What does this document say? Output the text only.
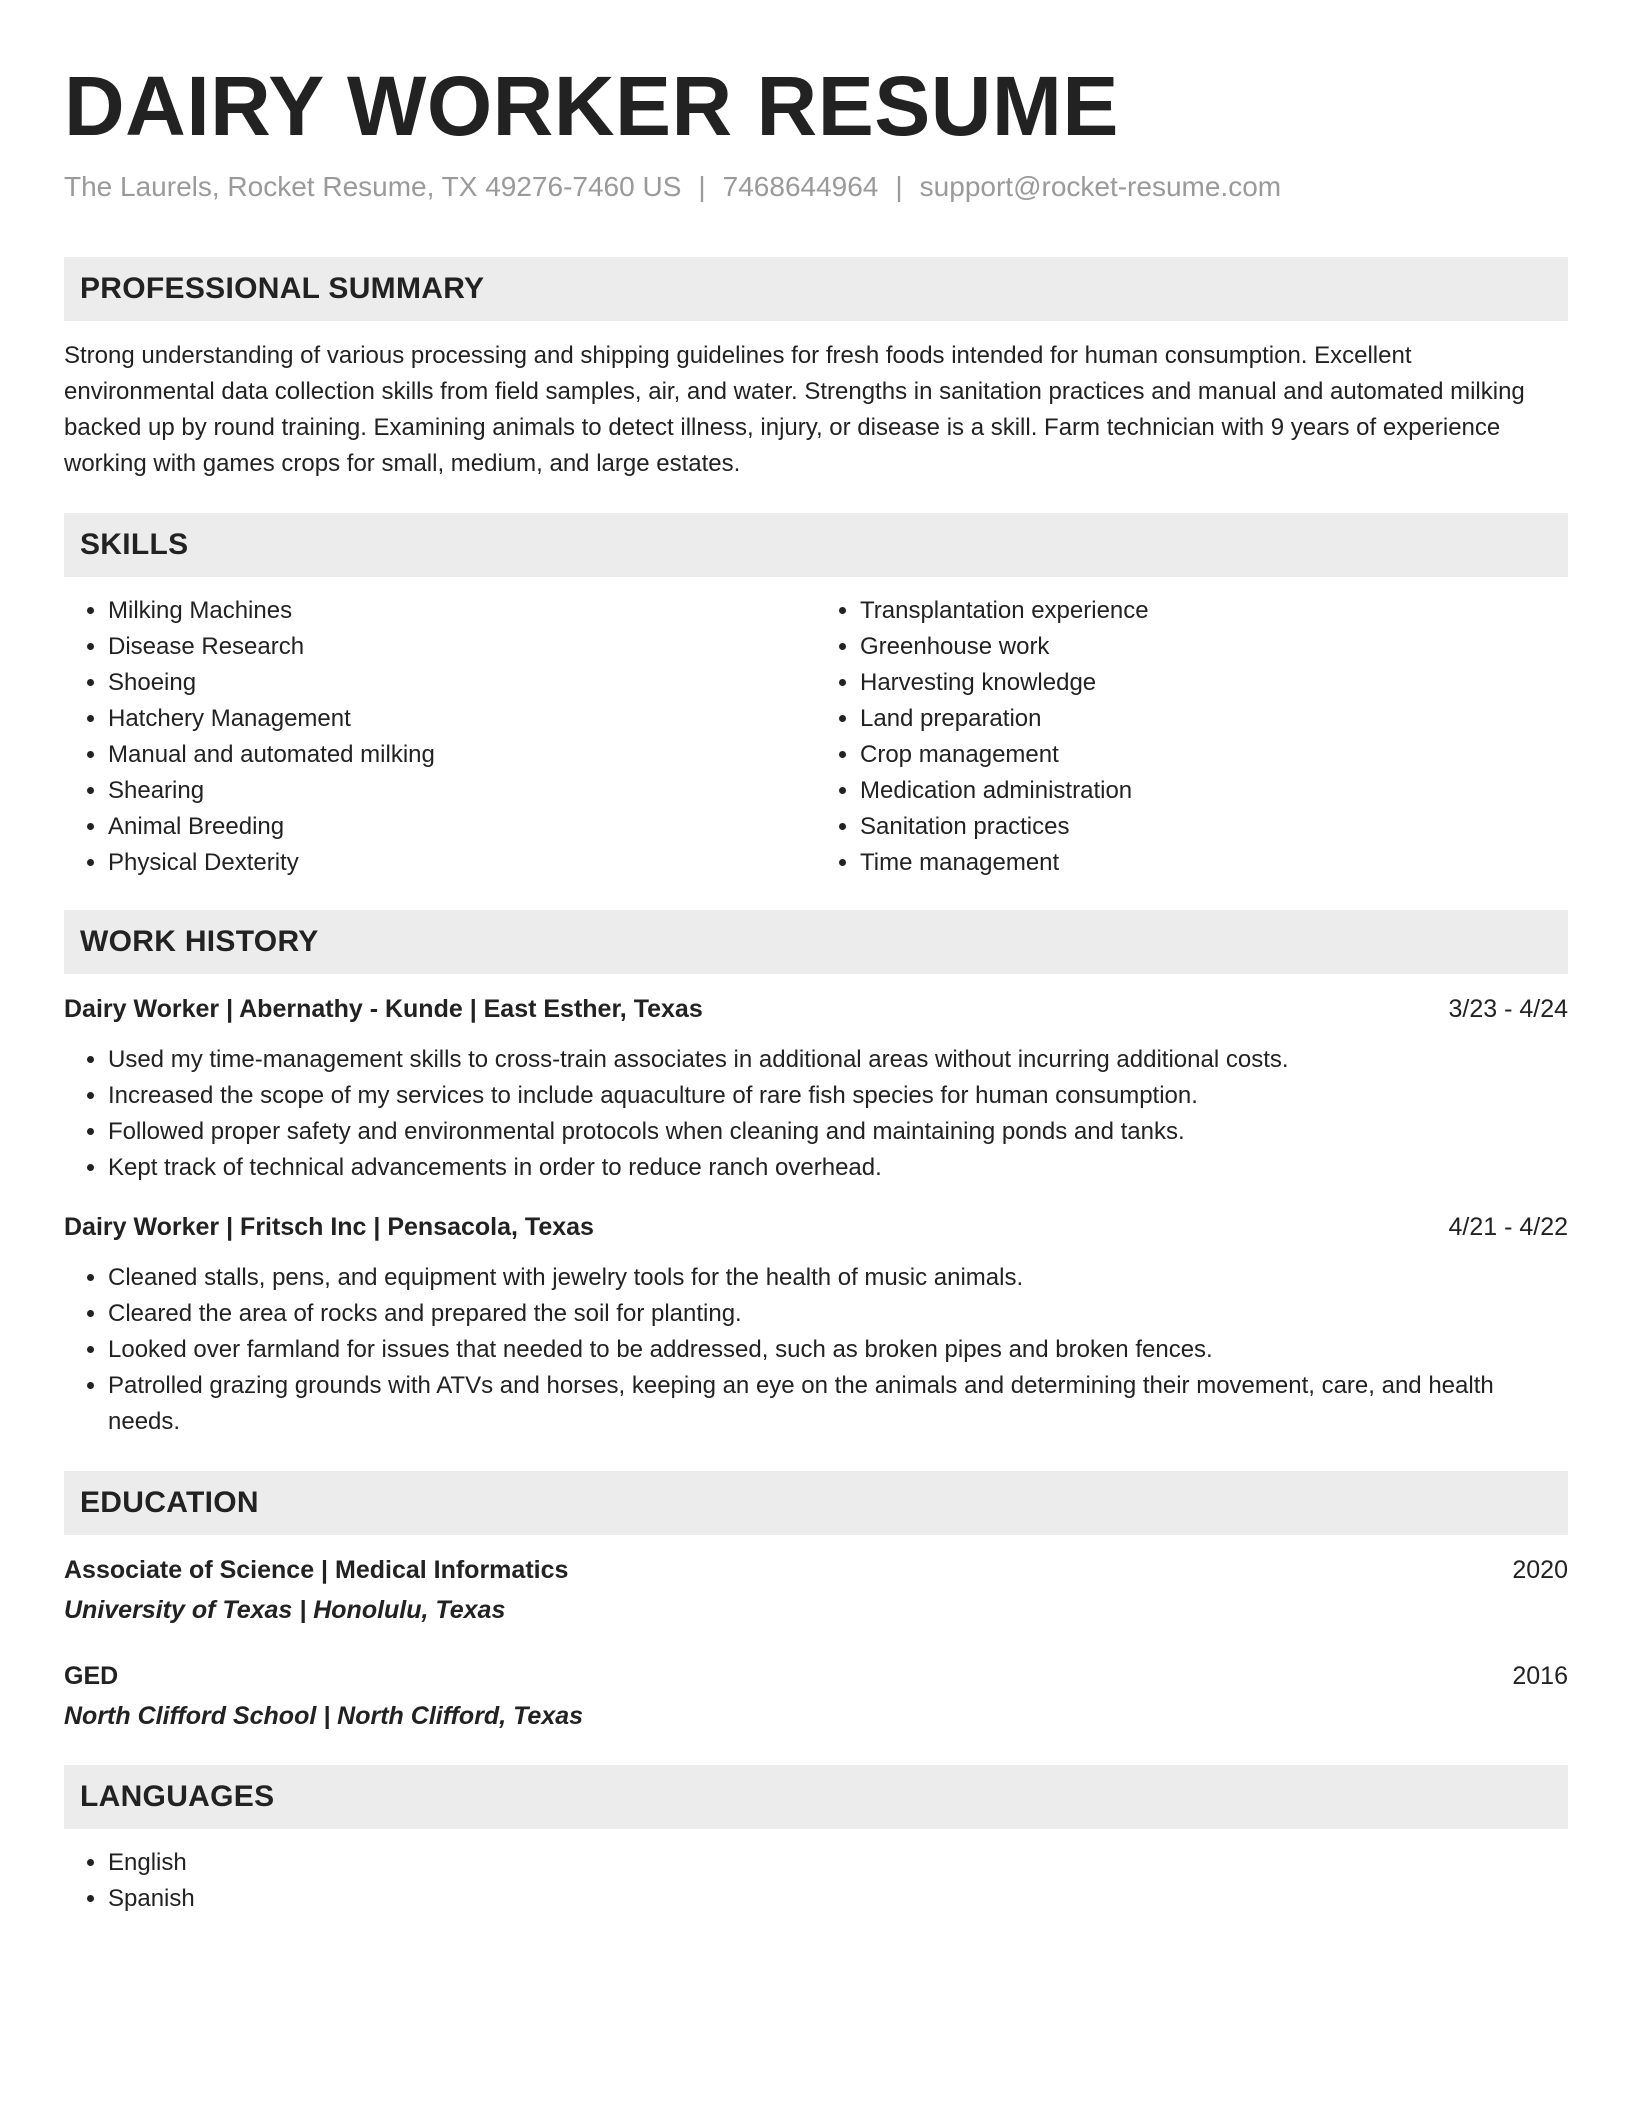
DAIRY WORKER RESUME
The Laurels, Rocket Resume, TX 49276-7460 US | 7468644964 | support@rocket-resume.com
PROFESSIONAL SUMMARY

Strong understanding of various processing and shipping guidelines for fresh foods intended for human consumption. Excellent environmental data collection skills from field samples, air, and water. Strengths in sanitation practices and manual and automated milking backed up by round training. Examining animals to detect illness, injury, or disease is a skill. Farm technician with 9 years of experience working with games crops for small, medium, and large estates.

SKILLS
• Milking Machines
• Disease Research
• Shoeing
• Hatchery Management
• Manual and automated milking
• Shearing
• Animal Breeding
• Physical Dexterity
• Transplantation experience
• Greenhouse work
• Harvesting knowledge
• Land preparation
• Crop management
• Medication administration
• Sanitation practices
• Time management
WORK HISTORY
Dairy Worker | Abernathy - Kunde | East Esther, Texas	3/23 - 4/24
• Used my time-management skills to cross-train associates in additional areas without incurring additional costs.
• Increased the scope of my services to include aquaculture of rare fish species for human consumption.
• Followed proper safety and environmental protocols when cleaning and maintaining ponds and tanks.
• Kept track of technical advancements in order to reduce ranch overhead.
Dairy Worker | Fritsch Inc | Pensacola, Texas	4/21 - 4/22
• Cleaned stalls, pens, and equipment with jewelry tools for the health of music animals.
• Cleared the area of rocks and prepared the soil for planting.
• Looked over farmland for issues that needed to be addressed, such as broken pipes and broken fences.
• Patrolled grazing grounds with ATVs and horses, keeping an eye on the animals and determining their movement, care, and health needs.
EDUCATION
Associate of Science | Medical Informatics	2020
University of Texas | Honolulu, Texas
GED	2016
North Clifford School | North Clifford, Texas
LANGUAGES
• English
• Spanish
